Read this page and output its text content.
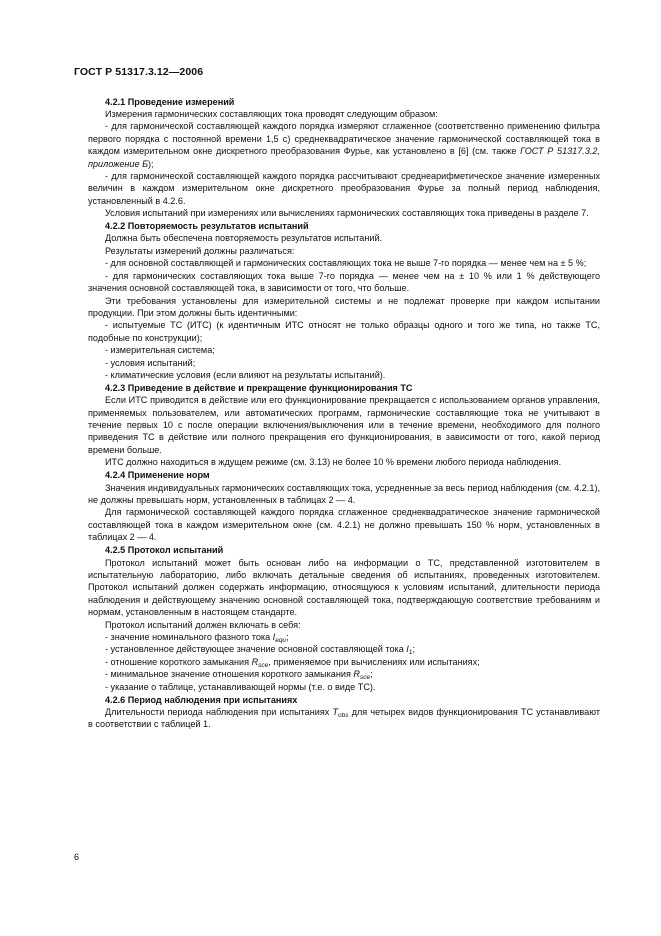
ГОСТ Р 51317.3.12—2006

4.2.1 Проведение измерений

Измерения гармонических составляющих тока проводят следующим образом:

- для гармонической составляющей каждого порядка измеряют сглаженное (соответственно применению фильтра первого порядка с постоянной времени 1,5 с) среднеквадратическое значение гармонической составляющей тока в каждом измерительном окне дискретного преобразования Фурье, как установлено в [6] (см. также ГОСТ Р 51317.3.2, приложение Б);

- для гармонической составляющей каждого порядка рассчитывают среднеарифметическое значение измеренных величин в каждом измерительном окне дискретного преобразования Фурье за полный период наблюдения, установленный в 4.2.6.

Условия испытаний при измерениях или вычислениях гармонических составляющих тока приведены в разделе 7.

4.2.2 Повторяемость результатов испытаний

Должна быть обеспечена повторяемость результатов испытаний.

Результаты измерений должны различаться:

- для основной составляющей и гармонических составляющих тока не выше 7-го порядка — менее чем на ± 5 %;

- для гармонических составляющих тока выше 7-го порядка — менее чем на ± 10 % или 1 % действующего значения основной составляющей тока, в зависимости от того, что больше.

Эти требования установлены для измерительной системы и не подлежат проверке при каждом испытании продукции. При этом должны быть идентичными:

- испытуемые ТС (ИТС) (к идентичным ИТС относят не только образцы одного и того же типа, но также ТС, подобные по конструкции);

- измерительная система;

- условия испытаний;

- климатические условия (если влияют на результаты испытаний).

4.2.3 Приведение в действие и прекращение функционирования ТС

Если ИТС приводится в действие или его функционирование прекращается с использованием органов управления, применяемых пользователем, или автоматических программ, гармонические составляющие тока не учитывают в течение первых 10 с после операции включения/выключения или в течение времени, необходимого для полного приведения ТС в действие или полного прекращения его функционирования, в зависимости от того, какой период времени больше.

ИТС должно находиться в ждущем режиме (см. 3.13) не более 10 % времени любого периода наблюдения.

4.2.4 Применение норм

Значения индивидуальных гармонических составляющих тока, усредненные за весь период наблюдения (см. 4.2.1), не должны превышать норм, установленных в таблицах 2 — 4.

Для гармонической составляющей каждого порядка сглаженное среднеквадратическое значение гармонической составляющей тока в каждом измерительном окне (см. 4.2.1) не должно превышать 150 % норм, установленных в таблицах 2 — 4.

4.2.5 Протокол испытаний

Протокол испытаний может быть основан либо на информации о ТС, представленной изготовителем в испытательную лабораторию, либо включать детальные сведения об испытаниях, проведенных изготовителем. Протокол испытаний должен содержать информацию, относящуюся к условиям испытаний, длительности периода наблюдения и действующему значению основной составляющей тока, подтверждающую соответствие требованиям и нормам, установленным в настоящем стандарте.

Протокол испытаний должен включать в себя:

- значение номинального фазного тока $I_{equ}$;

- установленное действующее значение основной составляющей тока $I_1$;

- отношение короткого замыкания $R_{sce}$, применяемое при вычислениях или испытаниях;

- минимальное значение отношения короткого замыкания $R_{sce}$;

- указание о таблице, устанавливающей нормы (т.е. о виде ТС).

4.2.6 Период наблюдения при испытаниях

Длительности периода наблюдения при испытаниях $T_{obs}$ для четырех видов функционирования ТС устанавливают в соответствии с таблицей 1.

6
